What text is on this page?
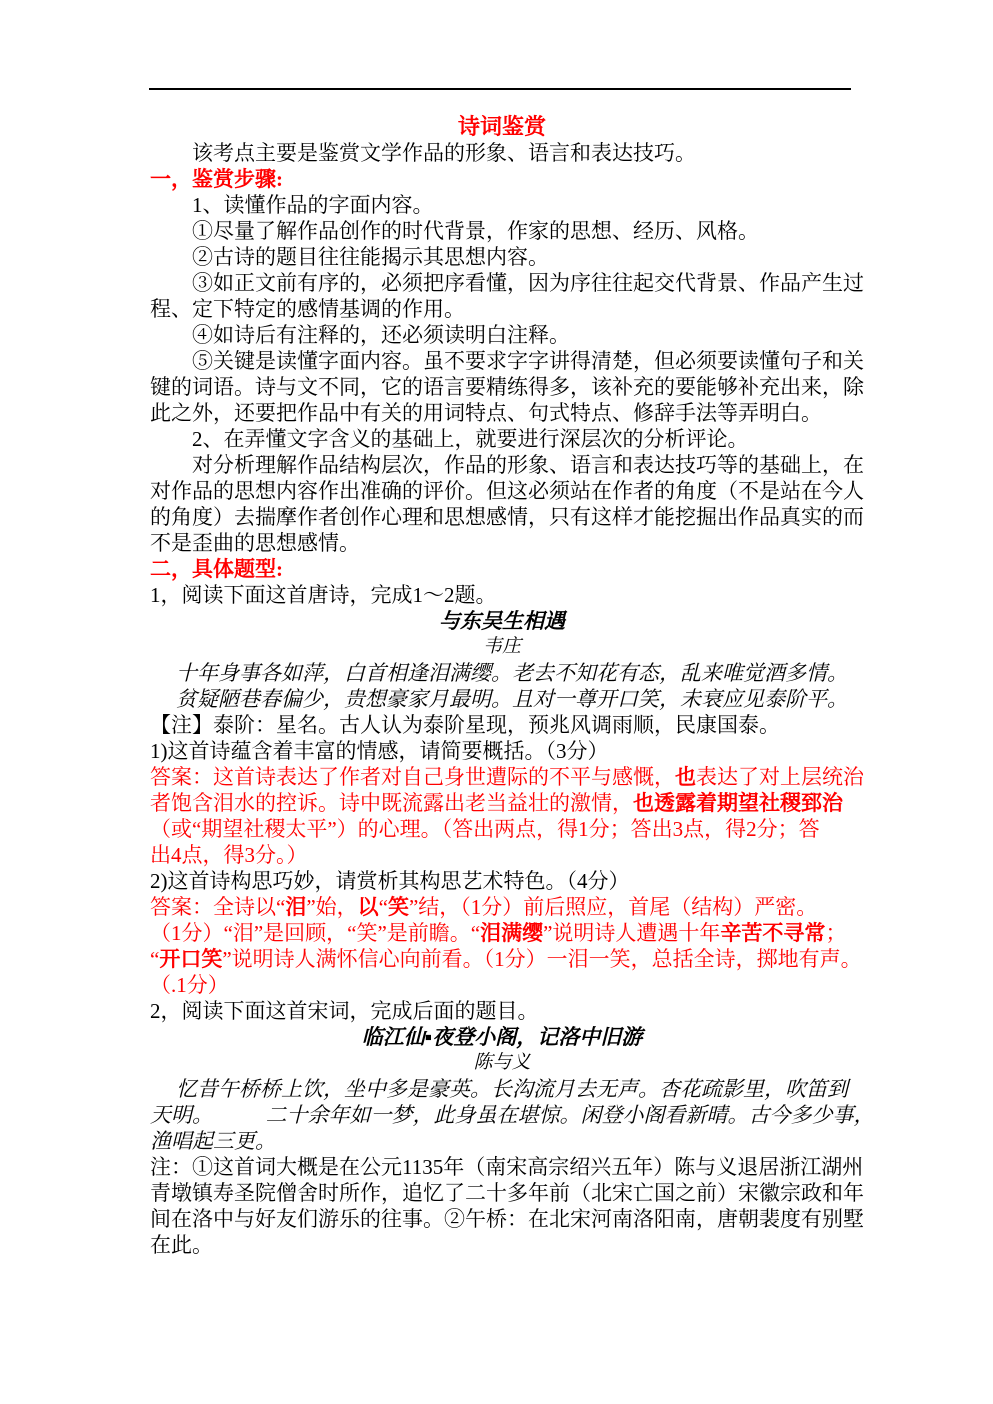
诗词鉴赏
该考点主要是鉴赏文学作品的形象、语言和表达技巧。
一，鉴赏步骤:
1、读懂作品的字面内容。
①尽量了解作品创作的时代背景，作家的思想、经历、风格。
②古诗的题目往往能揭示其思想内容。
③如正文前有序的，必须把序看懂，因为序往往起交代背景、作品产生过
程、定下特定的感情基调的作用。
④如诗后有注释的，还必须读明白注释。
⑤关键是读懂字面内容。虽不要求字字讲得清楚，但必须要读懂句子和关
键的词语。诗与文不同，它的语言要精练得多，该补充的要能够补充出来，除
此之外，还要把作品中有关的用词特点、句式特点、修辞手法等弄明白。
2、在弄懂文字含义的基础上，就要进行深层次的分析评论。
对分析理解作品结构层次，作品的形象、语言和表达技巧等的基础上，在
对作品的思想内容作出准确的评价。但这必须站在作者的角度（不是站在今人
的角度）去揣摩作者创作心理和思想感情，只有这样才能挖掘出作品真实的而
不是歪曲的思想感情。
二，具体题型:
1，阅读下面这首唐诗，完成1～2题。
与东吴生相遇
韦庄
十年身事各如萍，白首相逢泪满缨。老去不知花有态，乱来唯觉酒多情。
贫疑陋巷春偏少，贵想豪家月最明。且对一尊开口笑，未衰应见泰阶平。
【注】泰阶：星名。古人认为泰阶星现，预兆风调雨顺，民康国泰。
1)这首诗蕴含着丰富的情感，请简要概括。（3分）
答案：这首诗表达了作者对自己身世遭际的不平与感慨，也表达了对上层统治
者饱含泪水的控诉。诗中既流露出老当益壮的激情，也透露着期望社稷郅治
（或“期望社稷太平”）的心理。（答出两点，得1分；答出3点，得2分；答
出4点，得3分。）
2)这首诗构思巧妙，请赏析其构思艺术特色。（4分）
答案：全诗以“泪”始，以“笑”结，（1分）前后照应，首尾（结构）严密。
（1分）“泪”是回顾，“笑”是前瞻。“泪满缨”说明诗人遭遇十年辛苦不寻常；
“开口笑”说明诗人满怀信心向前看。（1分）一泪一笑，总括全诗，掷地有声。
（.1分）
2，阅读下面这首宋词，完成后面的题目。
临江仙▪夜登小阁，记洛中旧游
陈与义
忆昔午桥桥上饮，坐中多是豪英。长沟流月去无声。杏花疏影里，吹笛到
天明。　　　二十余年如一梦，此身虽在堪惊。闲登小阁看新晴。古今多少事，
渔唱起三更。
注：①这首词大概是在公元1135年（南宋高宗绍兴五年）陈与义退居浙江湖州
青墩镇寿圣院僧舍时所作，追忆了二十多年前（北宋亡国之前）宋徽宗政和年
间在洛中与好友们游乐的往事。②午桥：在北宋河南洛阳南，唐朝裴度有别墅
在此。
